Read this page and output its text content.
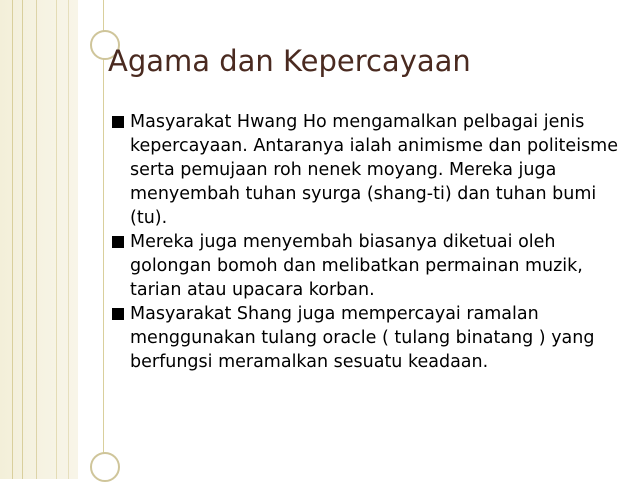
Agama dan Kepercayaan
Masyarakat Hwang Ho mengamalkan pelbagai jenis kepercayaan. Antaranya ialah animisme dan politeisme serta pemujaan roh nenek moyang. Mereka juga menyembah tuhan syurga (shang-ti) dan tuhan bumi (tu).
Mereka juga menyembah biasanya diketuai oleh golongan bomoh dan melibatkan permainan muzik, tarian atau upacara korban.
Masyarakat Shang juga mempercayai ramalan menggunakan tulang oracle ( tulang binatang ) yang berfungsi meramalkan sesuatu keadaan.
